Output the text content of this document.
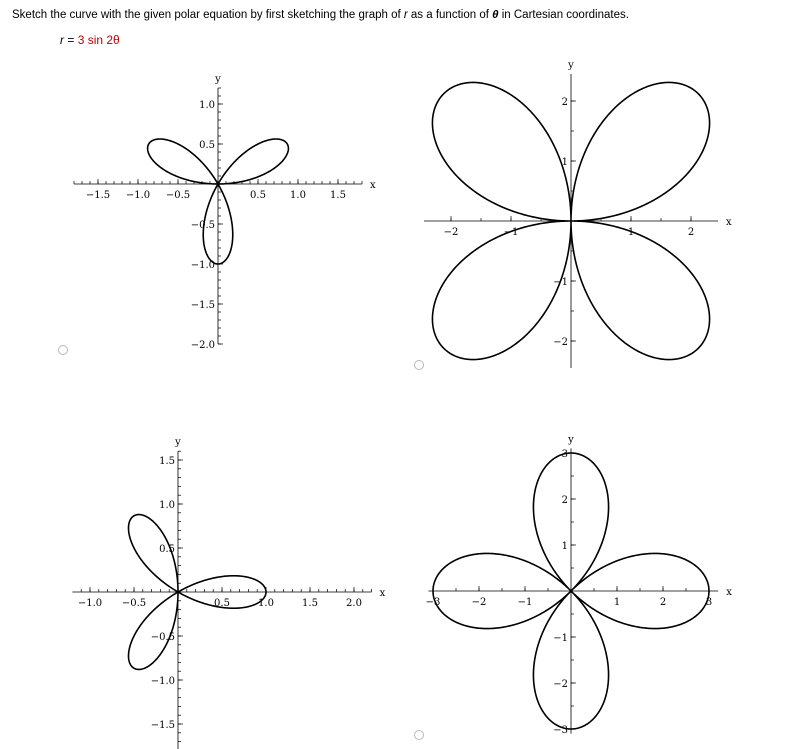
Sketch the curve with the given polar equation by first sketching the graph of r as a function of θ in Cartesian coordinates.
r = 3 sin 2θ
−1.5 −1.0 −0.5	0.5 1.0 1.5
1.0
0.5
−0.5
−1.0
−1.5
−2.0
x
y
−2	−1	1	2
2
1
−1
−2
x
y
−1.0 −0.5	0.5	1.0	1.5	2.0
1.5
1.0
0.5
−0.5
−1.0
−1.5
x
y
−3	−2	−1	1	2	3
3
2
1
−1
−2
−3
x
y
